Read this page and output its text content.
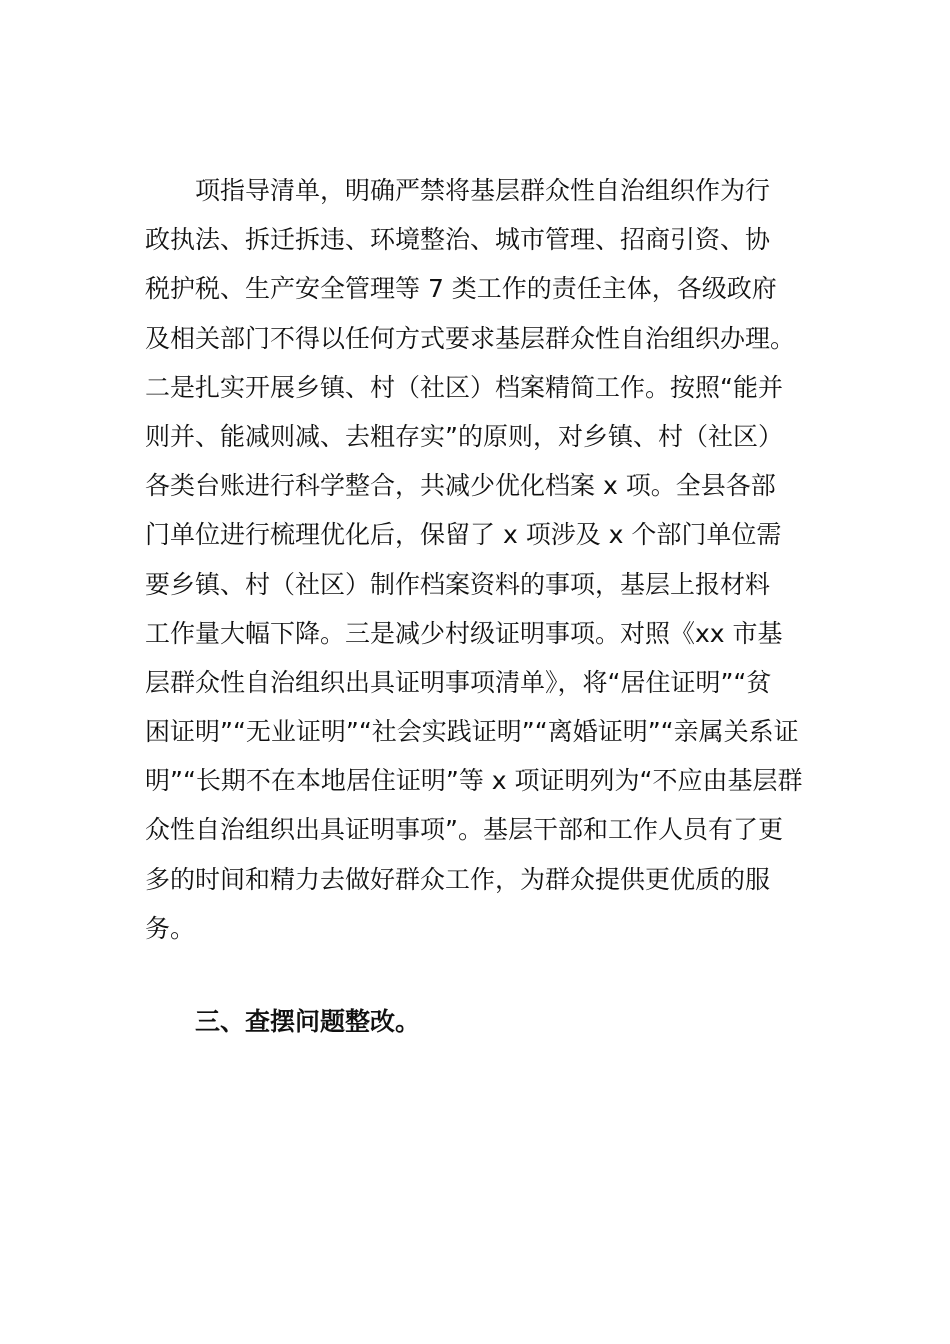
项指导清单，明确严禁将基层群众性自治组织作为行
政执法、拆迁拆违、环境整治、城市管理、招商引资、协
税护税、生产安全管理等 7 类工作的责任主体，各级政府
及相关部门不得以任何方式要求基层群众性自治组织办理。
二是扎实开展乡镇、村（社区）档案精简工作。按照“能并
则并、能减则减、去粗存实”的原则，对乡镇、村（社区）
各类台账进行科学整合，共减少优化档案 x 项。全县各部
门单位进行梳理优化后，保留了 x 项涉及 x 个部门单位需
要乡镇、村（社区）制作档案资料的事项，基层上报材料
工作量大幅下降。三是减少村级证明事项。对照《xx 市基
层群众性自治组织出具证明事项清单》，将“居住证明”“贫
困证明”“无业证明”“社会实践证明”“离婚证明”“亲属关系证
明”“长期不在本地居住证明”等 x 项证明列为“不应由基层群
众性自治组织出具证明事项”。基层干部和工作人员有了更
多的时间和精力去做好群众工作，为群众提供更优质的服
务。
三、查摆问题整改。
